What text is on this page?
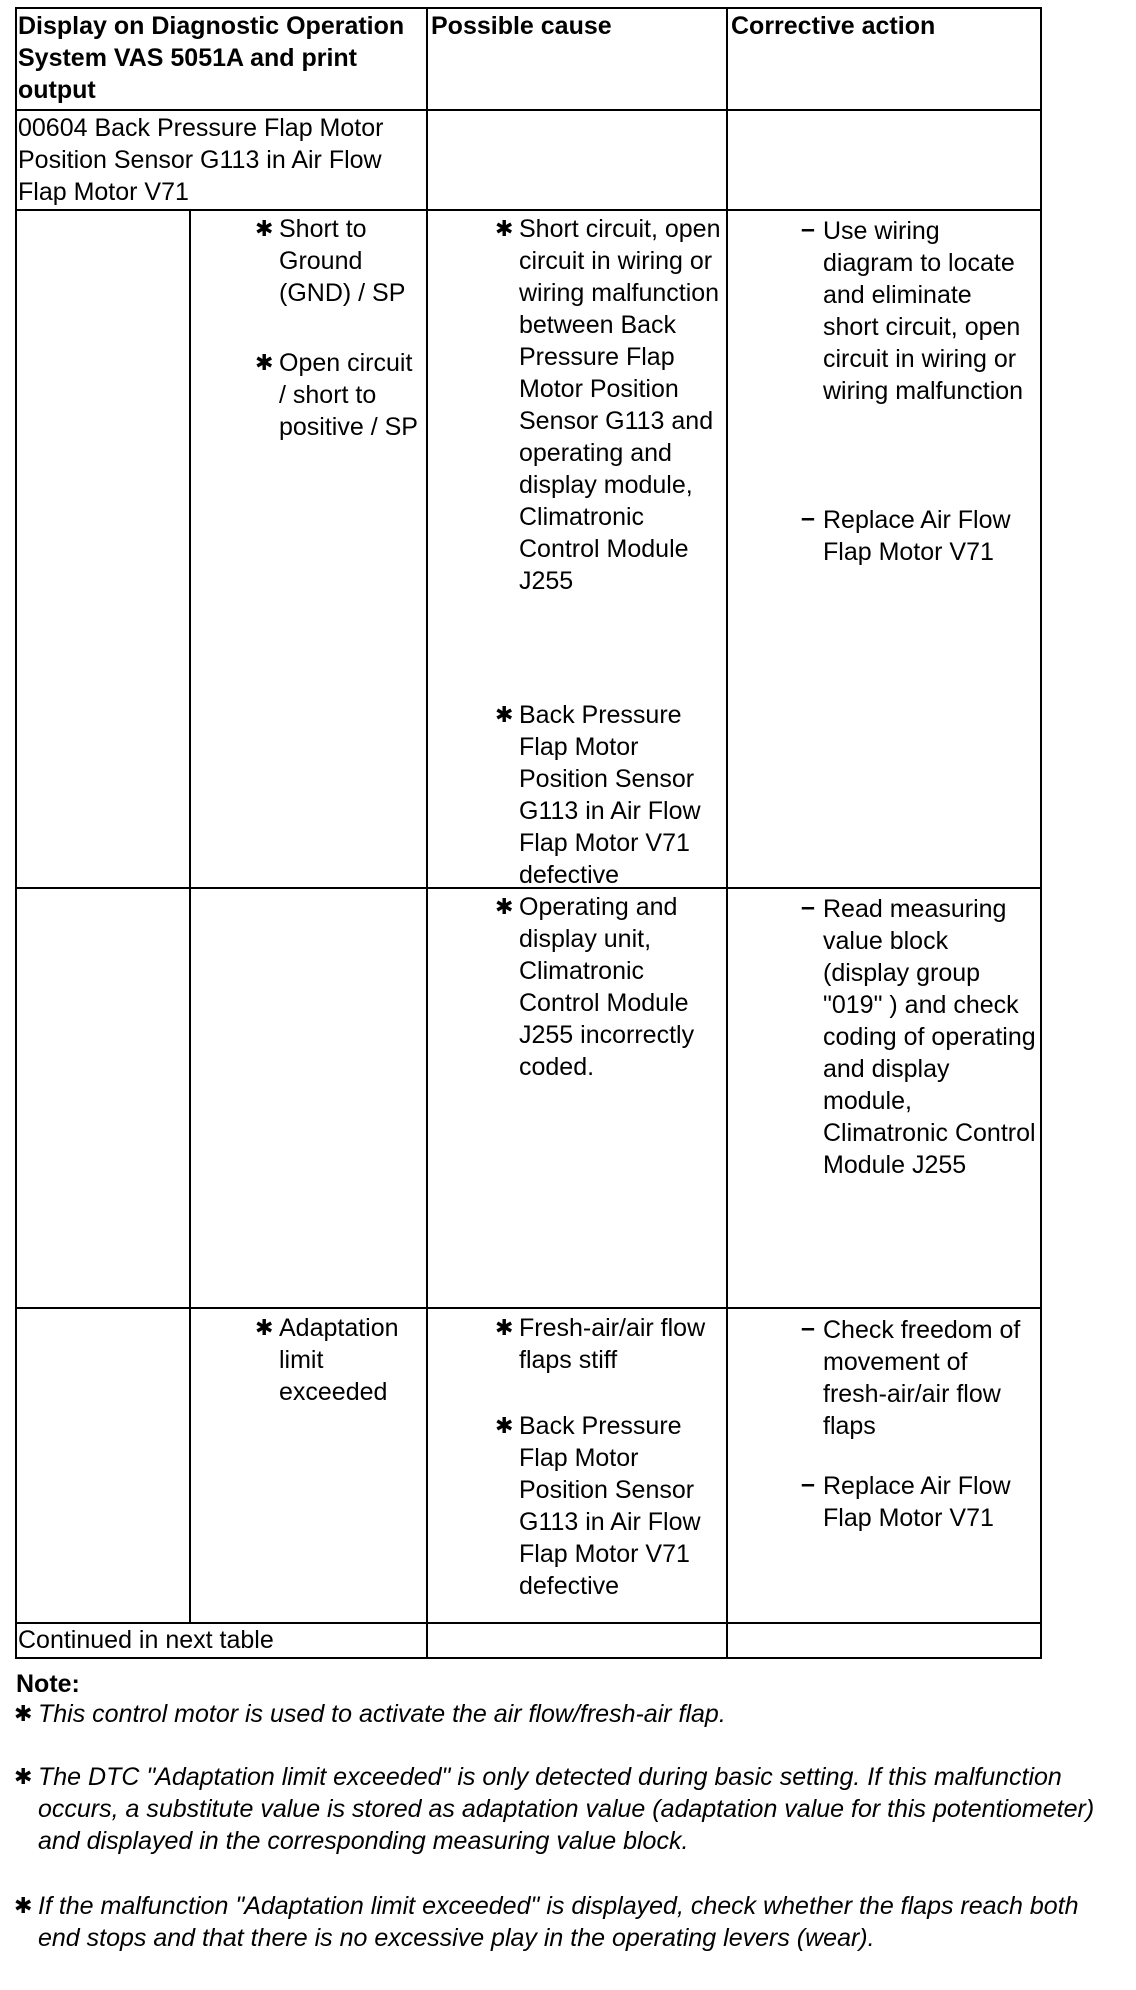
Display on Diagnostic Operation System VAS 5051A and print output
Possible cause	Corrective action
00604 Back Pressure Flap Motor Position Sensor G113 in Air Flow Flap Motor V71
✱ Short to Ground (GND) / SP
✱ Open circuit / short to positive / SP
✱ Short circuit, open circuit in wiring or wiring malfunction between Back Pressure Flap Motor Position Sensor G113 and operating and display module, Climatronic Control Module J255
✱ Back Pressure Flap Motor Position Sensor G113 in Air Flow Flap Motor V71 defective
– Use wiring diagram to locate and eliminate short circuit, open circuit in wiring or wiring malfunction
– Replace Air Flow Flap Motor V71
✱ Operating and display unit, Climatronic Control Module J255 incorrectly coded.
– Read measuring value block (display group "019" ) and check coding of operating and display module, Climatronic Control Module J255
✱ Adaptation limit exceeded
✱ Fresh-air/air flow flaps stiff
✱ Back Pressure Flap Motor Position Sensor G113 in Air Flow Flap Motor V71 defective
– Check freedom of movement of fresh-air/air flow flaps
– Replace Air Flow Flap Motor V71
Continued in next table
Note:
✱ This control motor is used to activate the air flow/fresh-air flap.
✱ The DTC "Adaptation limit exceeded" is only detected during basic setting. If this malfunction occurs, a substitute value is stored as adaptation value (adaptation value for this potentiometer) and displayed in the corresponding measuring value block.
✱ If the malfunction "Adaptation limit exceeded" is displayed, check whether the flaps reach both end stops and that there is no excessive play in the operating levers (wear).
